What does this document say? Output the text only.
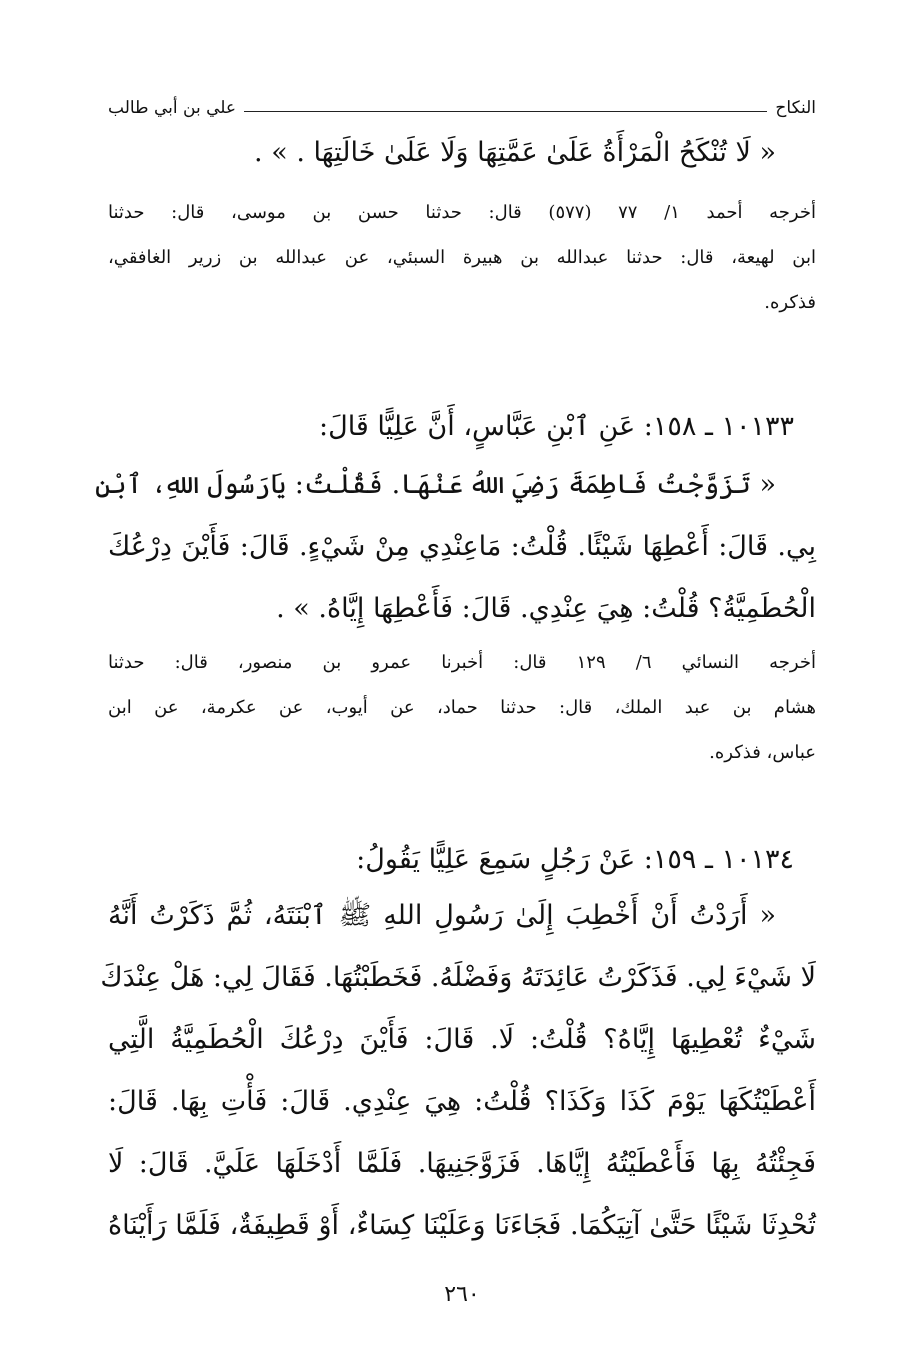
النكاح
علي بن أبي طالب
« لَا تُنْكَحُ الْمَرْأَةُ عَلَىٰ عَمَّتِهَا وَلَا عَلَىٰ خَالَتِهَا . » .
أخرجه أحمد ١/ ٧٧ (٥٧٧) قال: حدثنا حسن بن موسى، قال: حدثنا
ابن لهيعة، قال: حدثنا عبدالله بن هبيرة السبئي، عن عبدالله بن زرير الغافقي،
فذكره.
١٠١٣٣ ـ ١٥٨: عَنِ ٱبْنِ عَبَّاسٍ، أَنَّ عَلِيًّا قَالَ:
« تَزَوَّجْتُ فَاطِمَةَ رَضِيَ اللهُ عَنْهَا. فَقُلْتُ: يَارَسُولَ اللهِ، ٱبْنِ
بِي. قَالَ: أَعْطِهَا شَيْئًا. قُلْتُ: مَاعِنْدِي مِنْ شَيْءٍ. قَالَ: فَأَيْنَ دِرْعُكَ
الْحُطَمِيَّةُ؟ قُلْتُ: هِيَ عِنْدِي. قَالَ: فَأَعْطِهَا إِيَّاهُ. » .
أخرجه النسائي ٦/ ١٢٩ قال: أخبرنا عمرو بن منصور، قال: حدثنا
هشام بن عبد الملك، قال: حدثنا حماد، عن أيوب، عن عكرمة، عن ابن
عباس، فذكره.
١٠١٣٤ ـ ١٥٩: عَنْ رَجُلٍ سَمِعَ عَلِيًّا يَقُولُ:
« أَرَدْتُ أَنْ أَخْطِبَ إِلَىٰ رَسُولِ اللهِ ﷺ ٱبْنَتَهُ، ثُمَّ ذَكَرْتُ أَنَّهُ
لَا شَيْءَ لِي. فَذَكَرْتُ عَائِدَتَهُ وَفَضْلَهُ. فَخَطَبْتُهَا. فَقَالَ لِي: هَلْ عِنْدَكَ
شَيْءٌ تُعْطِيهَا إِيَّاهُ؟ قُلْتُ: لَا. قَالَ: فَأَيْنَ دِرْعُكَ الْحُطَمِيَّةُ الَّتِي
أَعْطَيْتُكَهَا يَوْمَ كَذَا وَكَذَا؟ قُلْتُ: هِيَ عِنْدِي. قَالَ: فَأْتِ بِهَا. قَالَ:
فَجِئْتُهُ بِهَا فَأَعْطَيْتُهُ إِيَّاهَا. فَزَوَّجَنِيهَا. فَلَمَّا أَدْخَلَهَا عَلَيَّ. قَالَ: لَا
تُحْدِثَا شَيْئًا حَتَّىٰ آتِيَكُمَا. فَجَاءَنَا وَعَلَيْنَا كِسَاءٌ، أَوْ قَطِيفَةٌ، فَلَمَّا رَأَيْنَاهُ
٢٦٠
